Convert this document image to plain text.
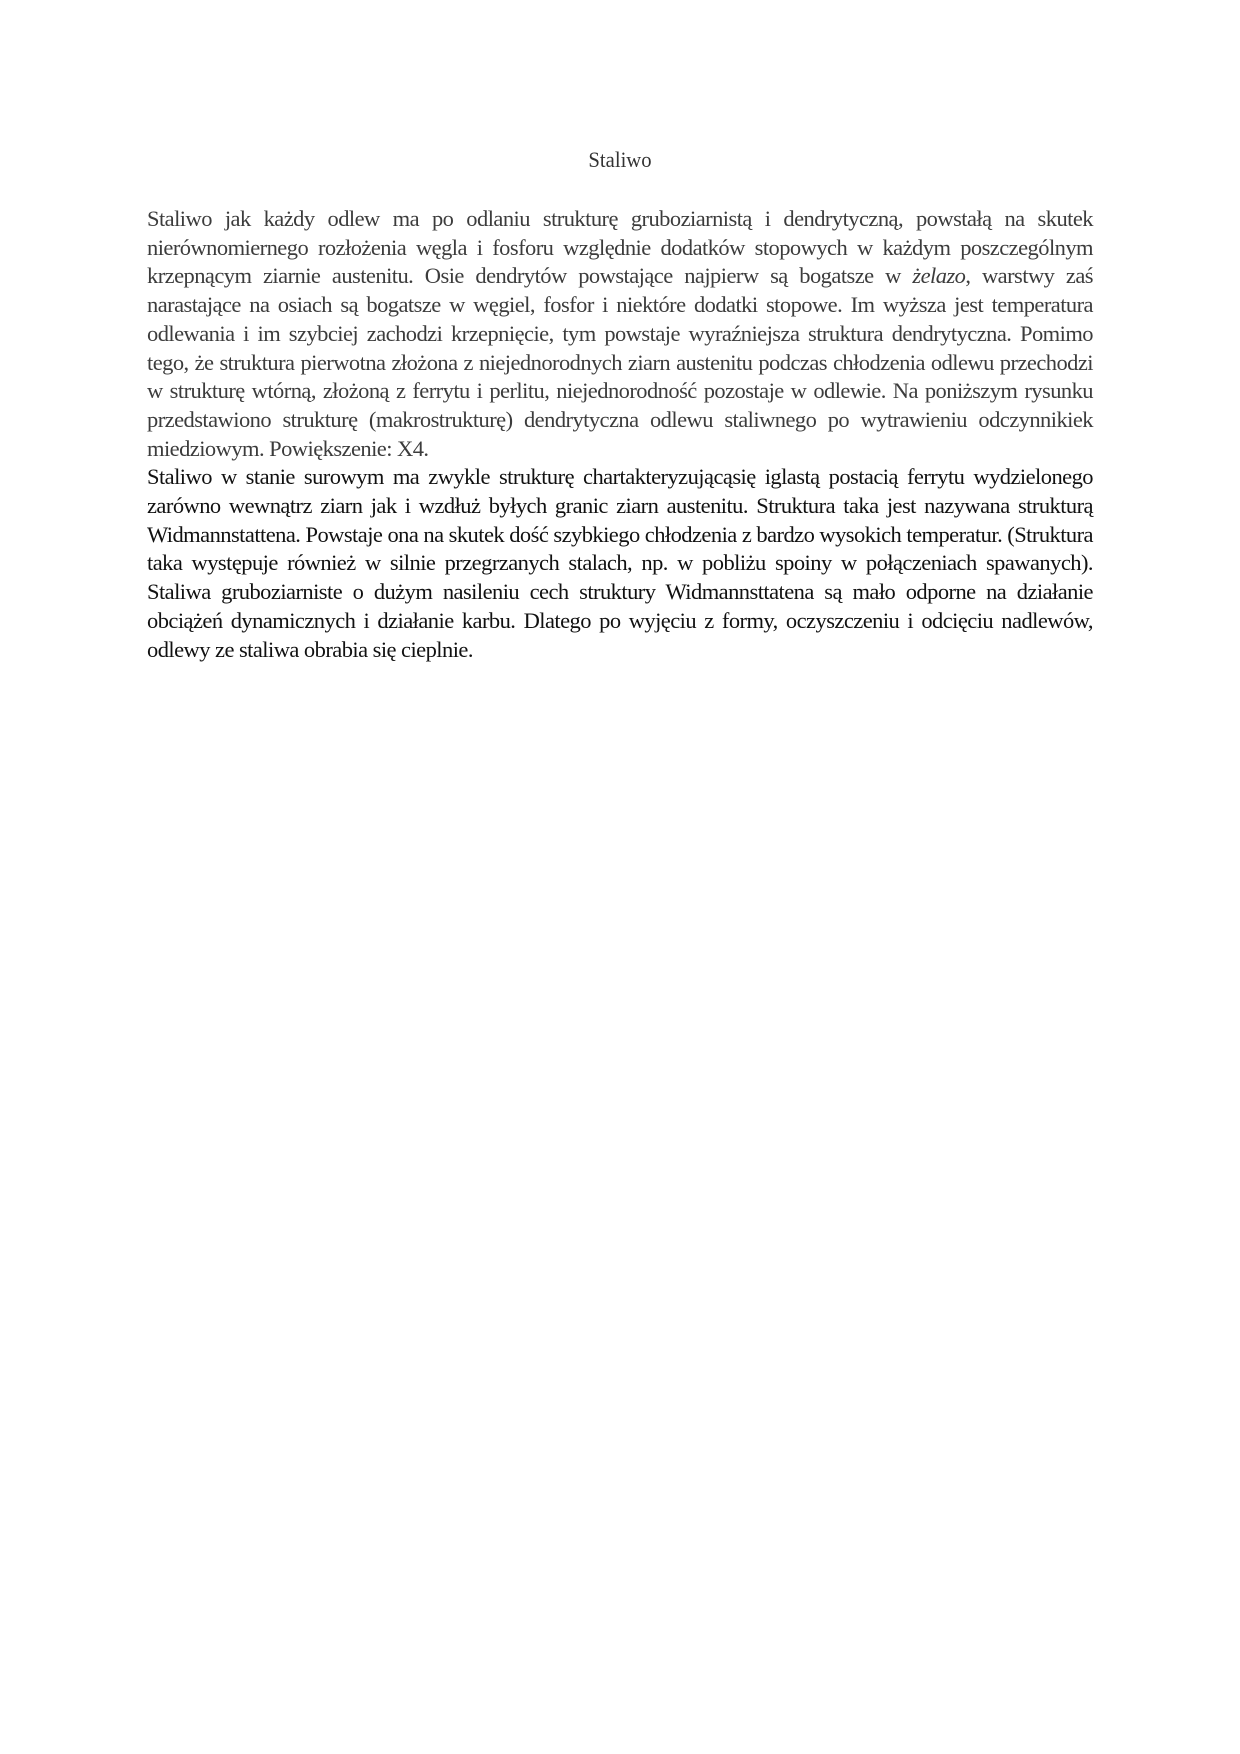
Staliwo

Staliwo jak każdy odlew ma po odlaniu strukturę gruboziarnistą i dendrytyczną, powstałą na skutek nierównomiernego rozłożenia węgla i fosforu względnie dodatków stopowych w każdym poszczególnym krzepnącym ziarnie austenitu. Osie dendrytów powstające najpierw są bogatsze w żelazo, warstwy zaś narastające na osiach są bogatsze w węgiel, fosfor i niektóre dodatki stopowe. Im wyższa jest temperatura odlewania i im szybciej zachodzi krzepnięcie, tym powstaje wyraźniejsza struktura dendrytyczna. Pomimo tego, że struktura pierwotna złożona z niejednorodnych ziarn austenitu podczas chłodzenia odlewu przechodzi w strukturę wtórną, złożoną z ferrytu i perlitu, niejednorodność pozostaje w odlewie. Na poniższym rysunku przedstawiono strukturę (makrostrukturę) dendrytyczna odlewu staliwnego po wytrawieniu odczynnikiek miedziowym. Powiększenie: X4.

Staliwo w stanie surowym ma zwykle strukturę chartakteryzującąsię iglastą postacią ferrytu wydzielonego zarówno wewnątrz ziarn jak i wzdłuż byłych granic ziarn austenitu. Struktura taka jest nazywana strukturą Widmannstattena. Powstaje ona na skutek dość szybkiego chłodzenia z bardzo wysokich temperatur. (Struktura taka występuje również w silnie przegrzanych stalach, np. w pobliżu spoiny w połączeniach spawanych). Staliwa gruboziarniste o dużym nasileniu cech struktury Widmannsttatena są mało odporne na działanie obciążeń dynamicznych i działanie karbu. Dlatego po wyjęciu z formy, oczyszczeniu i odcięciu nadlewów, odlewy ze staliwa obrabia się cieplnie.
